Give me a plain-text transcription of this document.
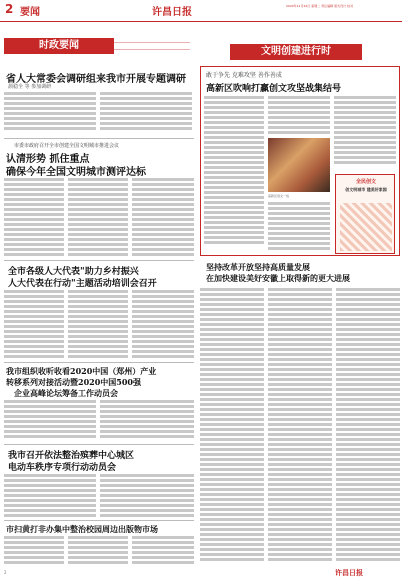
2 要闻	许昌日报
2020年11月24日 星期二 责任编辑 版式设计 校对
时政要闻
省人大常委会调研组来我市开展专题调研
颉稳全 等 参加调研
市委市政府召开全市创建全国文明城市推进会议
认清形势 抓住重点
确保今年全国文明城市测评达标
全市各级人大代表"助力乡村振兴
人大代表在行动"主题活动培训会召开
我市组织收听收看2020中国（郑州）产业
转移系列对接活动暨2020中国500强
企业高峰论坛筹备工作动员会
我市召开依法整治殡葬中心城区
电动车秩序专项行动动员会
市扫黄打非办集中整治校园周边出版物市场
文明创建进行时
敢于争先 克难攻坚 善作善成
高新区吹响打赢创文攻坚战集结号
高新区创文一线
全民创文
创文明城市 建美好家园
坚持改革开放坚持高质量发展
在加快建设美好安徽上取得新的更大进展
2	许昌日报
